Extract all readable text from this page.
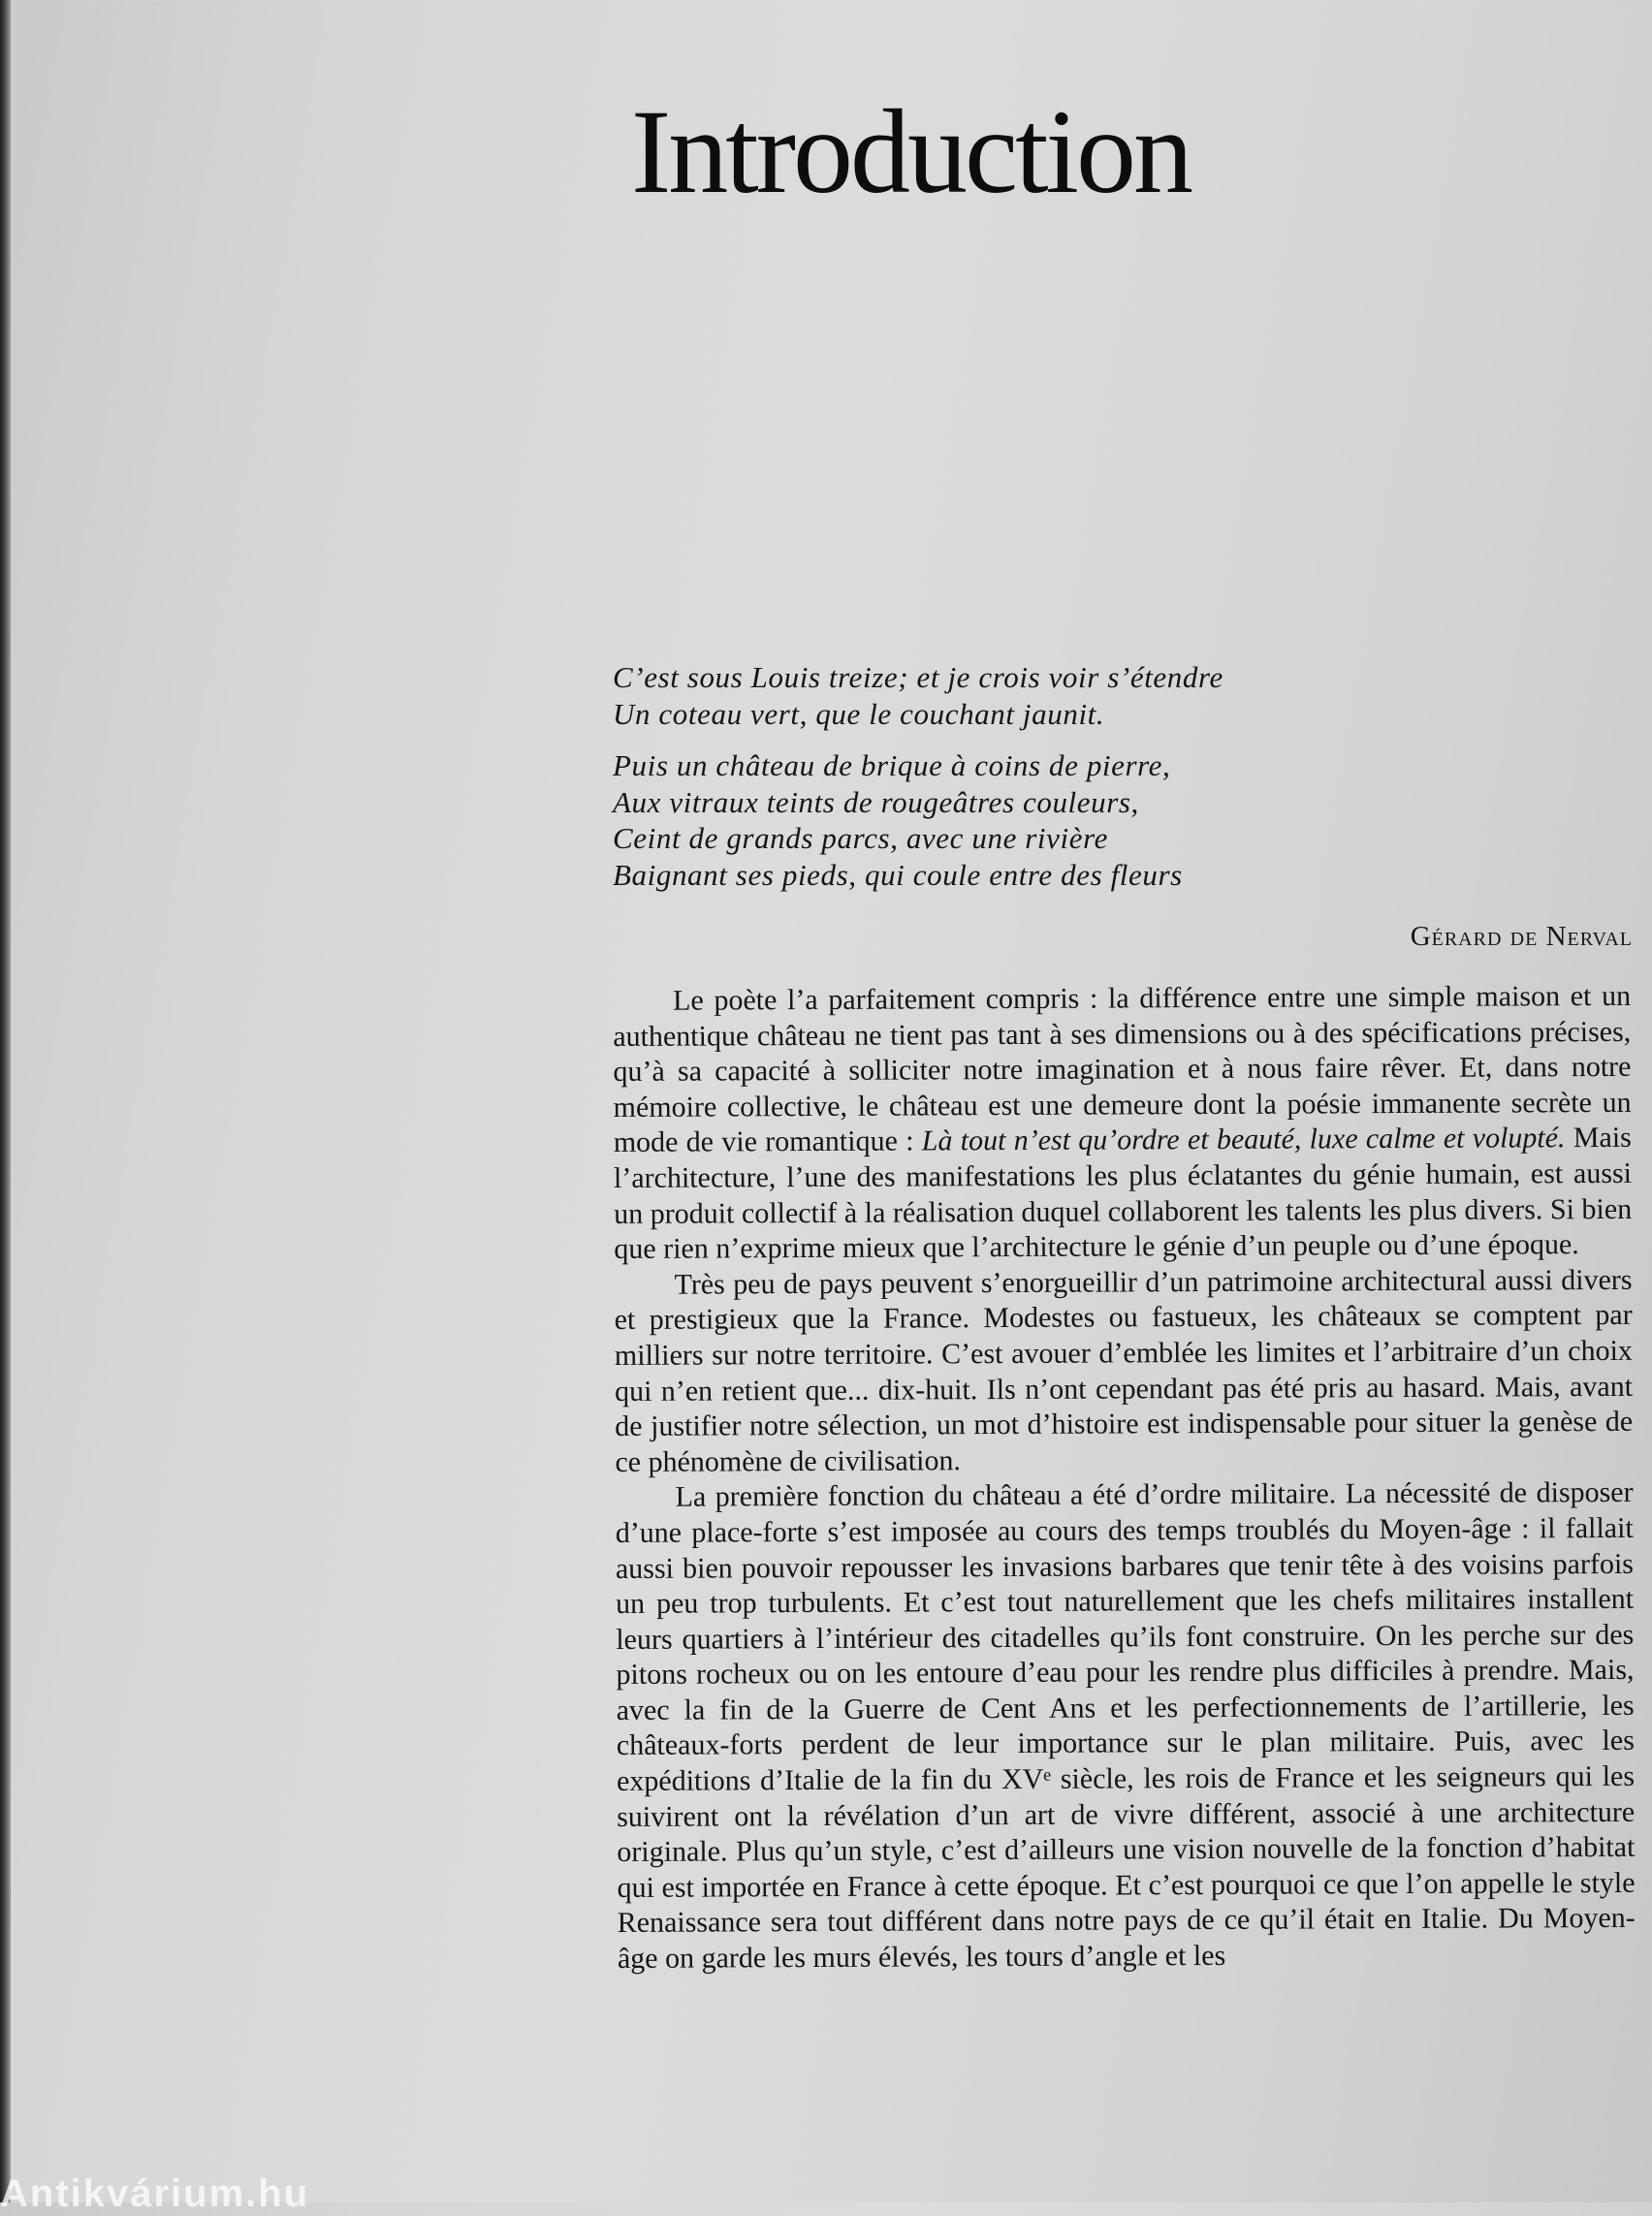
Introduction
C’est sous Louis treize; et je crois voir s’étendre
Un coteau vert, que le couchant jaunit.
Puis un château de brique à coins de pierre,
Aux vitraux teints de rougeâtres couleurs,
Ceint de grands parcs, avec une rivière
Baignant ses pieds, qui coule entre des fleurs
Gérard de Nerval

Le poète l’a parfaitement compris : la différence entre une simple maison et un authentique château ne tient pas tant à ses dimensions ou à des spécifications précises, qu’à sa capacité à solliciter notre imagination et à nous faire rêver. Et, dans notre mémoire collective, le château est une demeure dont la poésie immanente secrète un mode de vie romantique : Là tout n’est qu’ordre et beauté, luxe calme et volupté. Mais l’architecture, l’une des manifestations les plus éclatantes du génie humain, est aussi un produit collectif à la réalisation duquel collaborent les talents les plus divers. Si bien que rien n’exprime mieux que l’architecture le génie d’un peuple ou d’une époque.

Très peu de pays peuvent s’enorgueillir d’un patrimoine architectural aussi divers et prestigieux que la France. Modestes ou fastueux, les châteaux se comptent par milliers sur notre territoire. C’est avouer d’emblée les limites et l’arbitraire d’un choix qui n’en retient que... dix-huit. Ils n’ont cependant pas été pris au hasard. Mais, avant de justifier notre sélection, un mot d’histoire est indispensable pour situer la genèse de ce phénomène de civilisation.

La première fonction du château a été d’ordre militaire. La nécessité de disposer d’une place-forte s’est imposée au cours des temps troublés du Moyen-âge : il fallait aussi bien pouvoir repousser les invasions barbares que tenir tête à des voisins parfois un peu trop turbulents. Et c’est tout naturellement que les chefs militaires installent leurs quartiers à l’intérieur des citadelles qu’ils font construire. On les perche sur des pitons rocheux ou on les entoure d’eau pour les rendre plus difficiles à prendre. Mais, avec la fin de la Guerre de Cent Ans et les perfectionnements de l’artillerie, les châteaux-forts perdent de leur importance sur le plan militaire. Puis, avec les expéditions d’Italie de la fin du XVᵉ siècle, les rois de France et les seigneurs qui les suivirent ont la révélation d’un art de vivre différent, associé à une architecture originale. Plus qu’un style, c’est d’ailleurs une vision nouvelle de la fonction d’habitat qui est importée en France à cette époque. Et c’est pourquoi ce que l’on appelle le style Renaissance sera tout différent dans notre pays de ce qu’il était en Italie. Du Moyen-âge on garde les murs élevés, les tours d’angle et les

Antikvárium.hu
